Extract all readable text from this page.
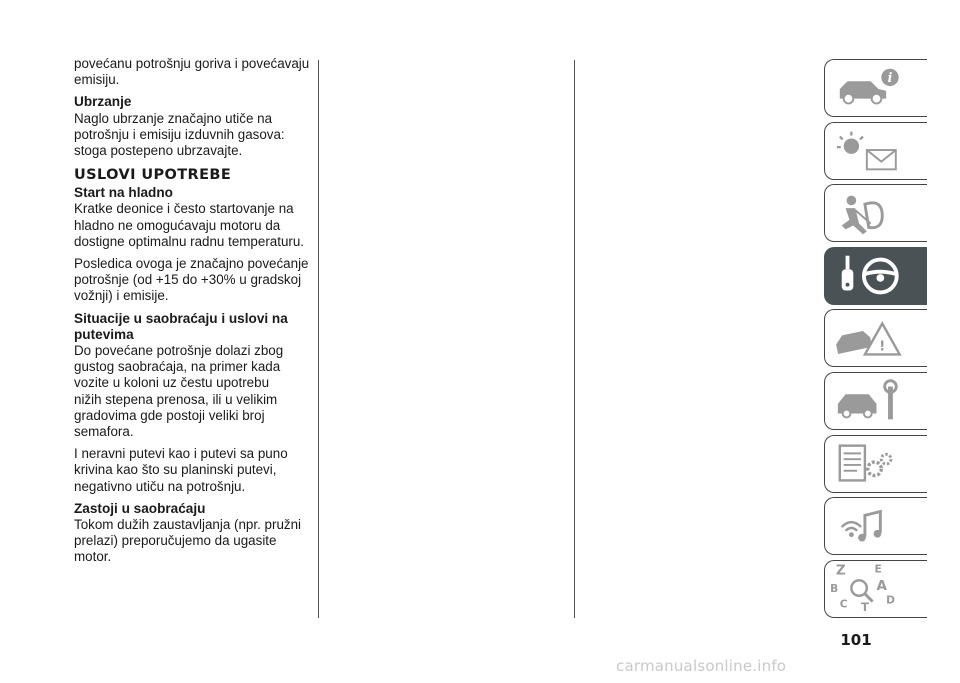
povećanu potrošnju goriva i povećavaju emisiju.

Ubrzanje

Naglo ubrzanje značajno utiče na potrošnju i emisiju izduvnih gasova: stoga postepeno ubrzavajte.

USLOVI UPOTREBE
Start na hladno

Kratke deonice i često startovanje na hladno ne omogućavaju motoru da dostigne optimalnu radnu temperaturu.

Posledica ovoga je značajno povećanje potrošnje (od +15 do +30% u gradskoj vožnji) i emisije.

Situacije u saobraćaju i uslovi na putevima

Do povećane potrošnje dolazi zbog gustog saobraćaja, na primer kada vozite u koloni uz čestu upotrebu nižih stepena prenosa, ili u velikim gradovima gde postoji veliki broj semafora.

I neravni putevi kao i putevi sa puno krivina kao što su planinski putevi, negativno utiču na potrošnju.

Zastoji u saobraćaju

Tokom dužih zaustavljanja (npr. pružni prelazi) preporučujemo da ugasite motor.

i
!
Z	E
B	A
C T
D
101
carmanualsonline.info
